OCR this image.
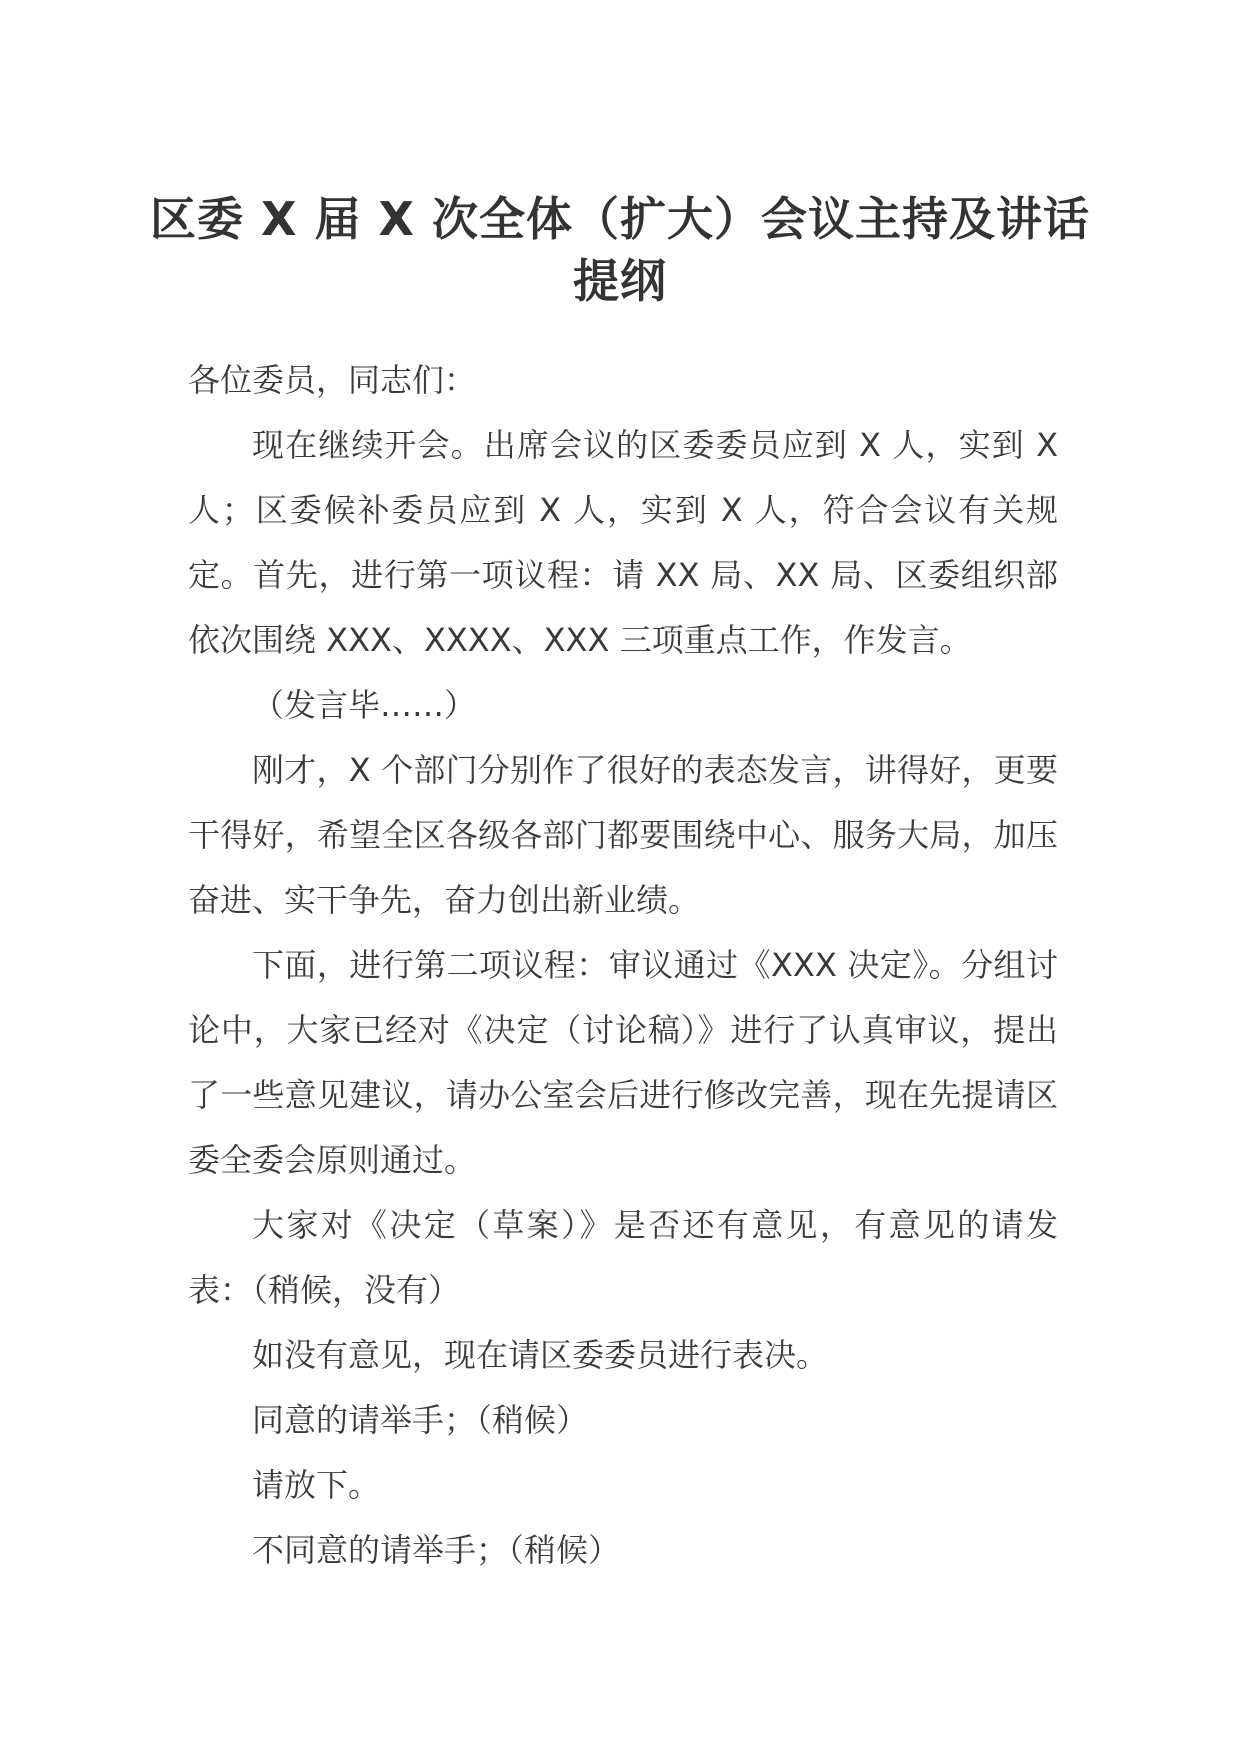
区委 X 届 X 次全体（扩大）会议主持及讲话提纲

各位委员，同志们：

现在继续开会。出席会议的区委委员应到 X 人，实到 X 人；区委候补委员应到 X 人，实到 X 人，符合会议有关规定。首先，进行第一项议程：请 XX 局、XX 局、区委组织部依次围绕 XXX、XXXX、XXX 三项重点工作，作发言。

（发言毕……）

刚才，X 个部门分别作了很好的表态发言，讲得好，更要干得好，希望全区各级各部门都要围绕中心、服务大局，加压奋进、实干争先，奋力创出新业绩。

下面，进行第二项议程：审议通过《XXX 决定》。分组讨论中，大家已经对《决定（讨论稿）》进行了认真审议，提出了一些意见建议，请办公室会后进行修改完善，现在先提请区委全委会原则通过。

大家对《决定（草案）》是否还有意见，有意见的请发表：（稍候，没有）

如没有意见，现在请区委委员进行表决。

同意的请举手；（稍候）

请放下。

不同意的请举手；（稍候）
